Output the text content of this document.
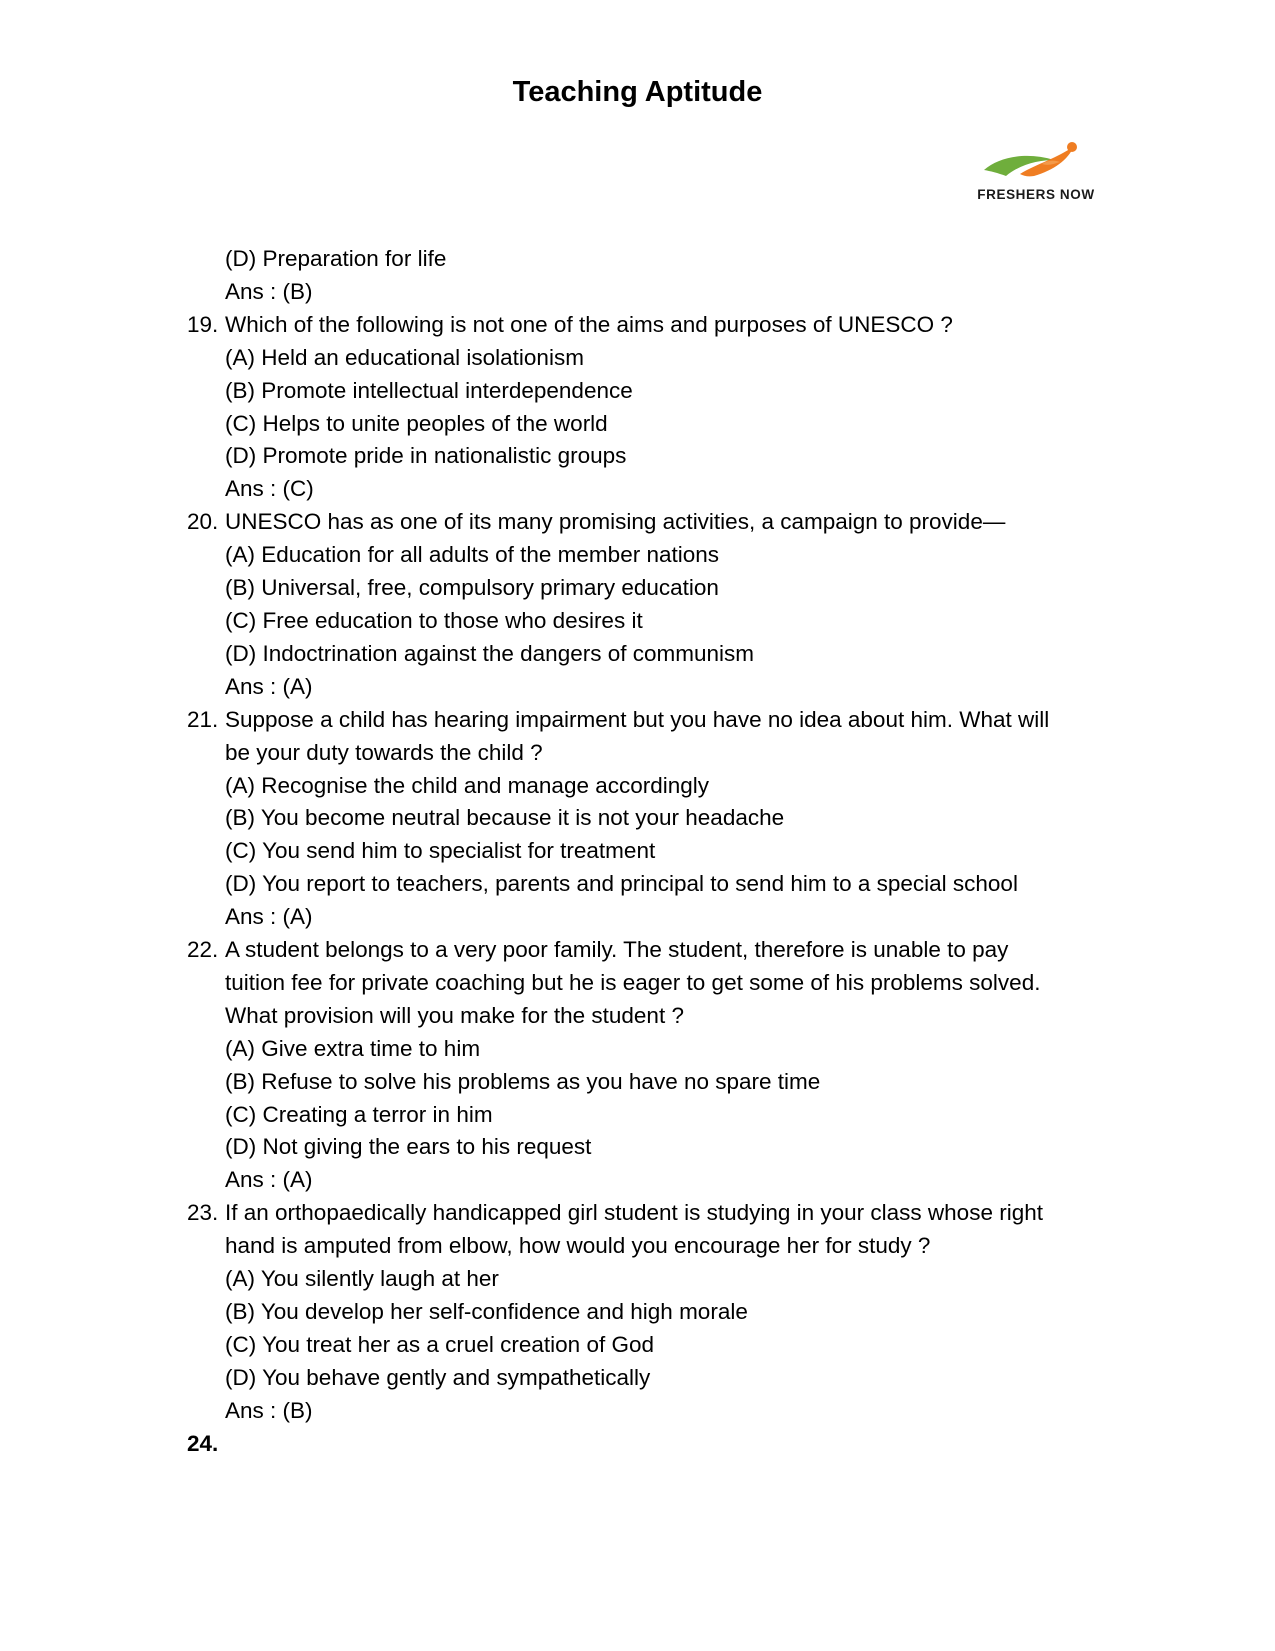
Teaching Aptitude
FRESHERS NOW
(D) Preparation for life
Ans : (B)
19. Which of the following is not one of the aims and purposes of UNESCO ?
(A) Held an educational isolationism
(B) Promote intellectual interdependence
(C) Helps to unite peoples of the world
(D) Promote pride in nationalistic groups
Ans : (C)
20. UNESCO has as one of its many promising activities, a campaign to provide—
(A) Education for all adults of the member nations
(B) Universal, free, compulsory primary education
(C) Free education to those who desires it
(D) Indoctrination against the dangers of communism
Ans : (A)
21. Suppose a child has hearing impairment but you have no idea about him. What will
be your duty towards the child ?
(A) Recognise the child and manage accordingly
(B) You become neutral because it is not your headache
(C) You send him to specialist for treatment
(D) You report to teachers, parents and principal to send him to a special school
Ans : (A)
22. A student belongs to a very poor family. The student, therefore is unable to pay
tuition fee for private coaching but he is eager to get some of his problems solved.
What provision will you make for the student ?
(A) Give extra time to him
(B) Refuse to solve his problems as you have no spare time
(C) Creating a terror in him
(D) Not giving the ears to his request
Ans : (A)
23. If an orthopaedically handicapped girl student is studying in your class whose right
hand is amputed from elbow, how would you encourage her for study ?
(A) You silently laugh at her
(B) You develop her self-confidence and high morale
(C) You treat her as a cruel creation of God
(D) You behave gently and sympathetically
Ans : (B)
24.
